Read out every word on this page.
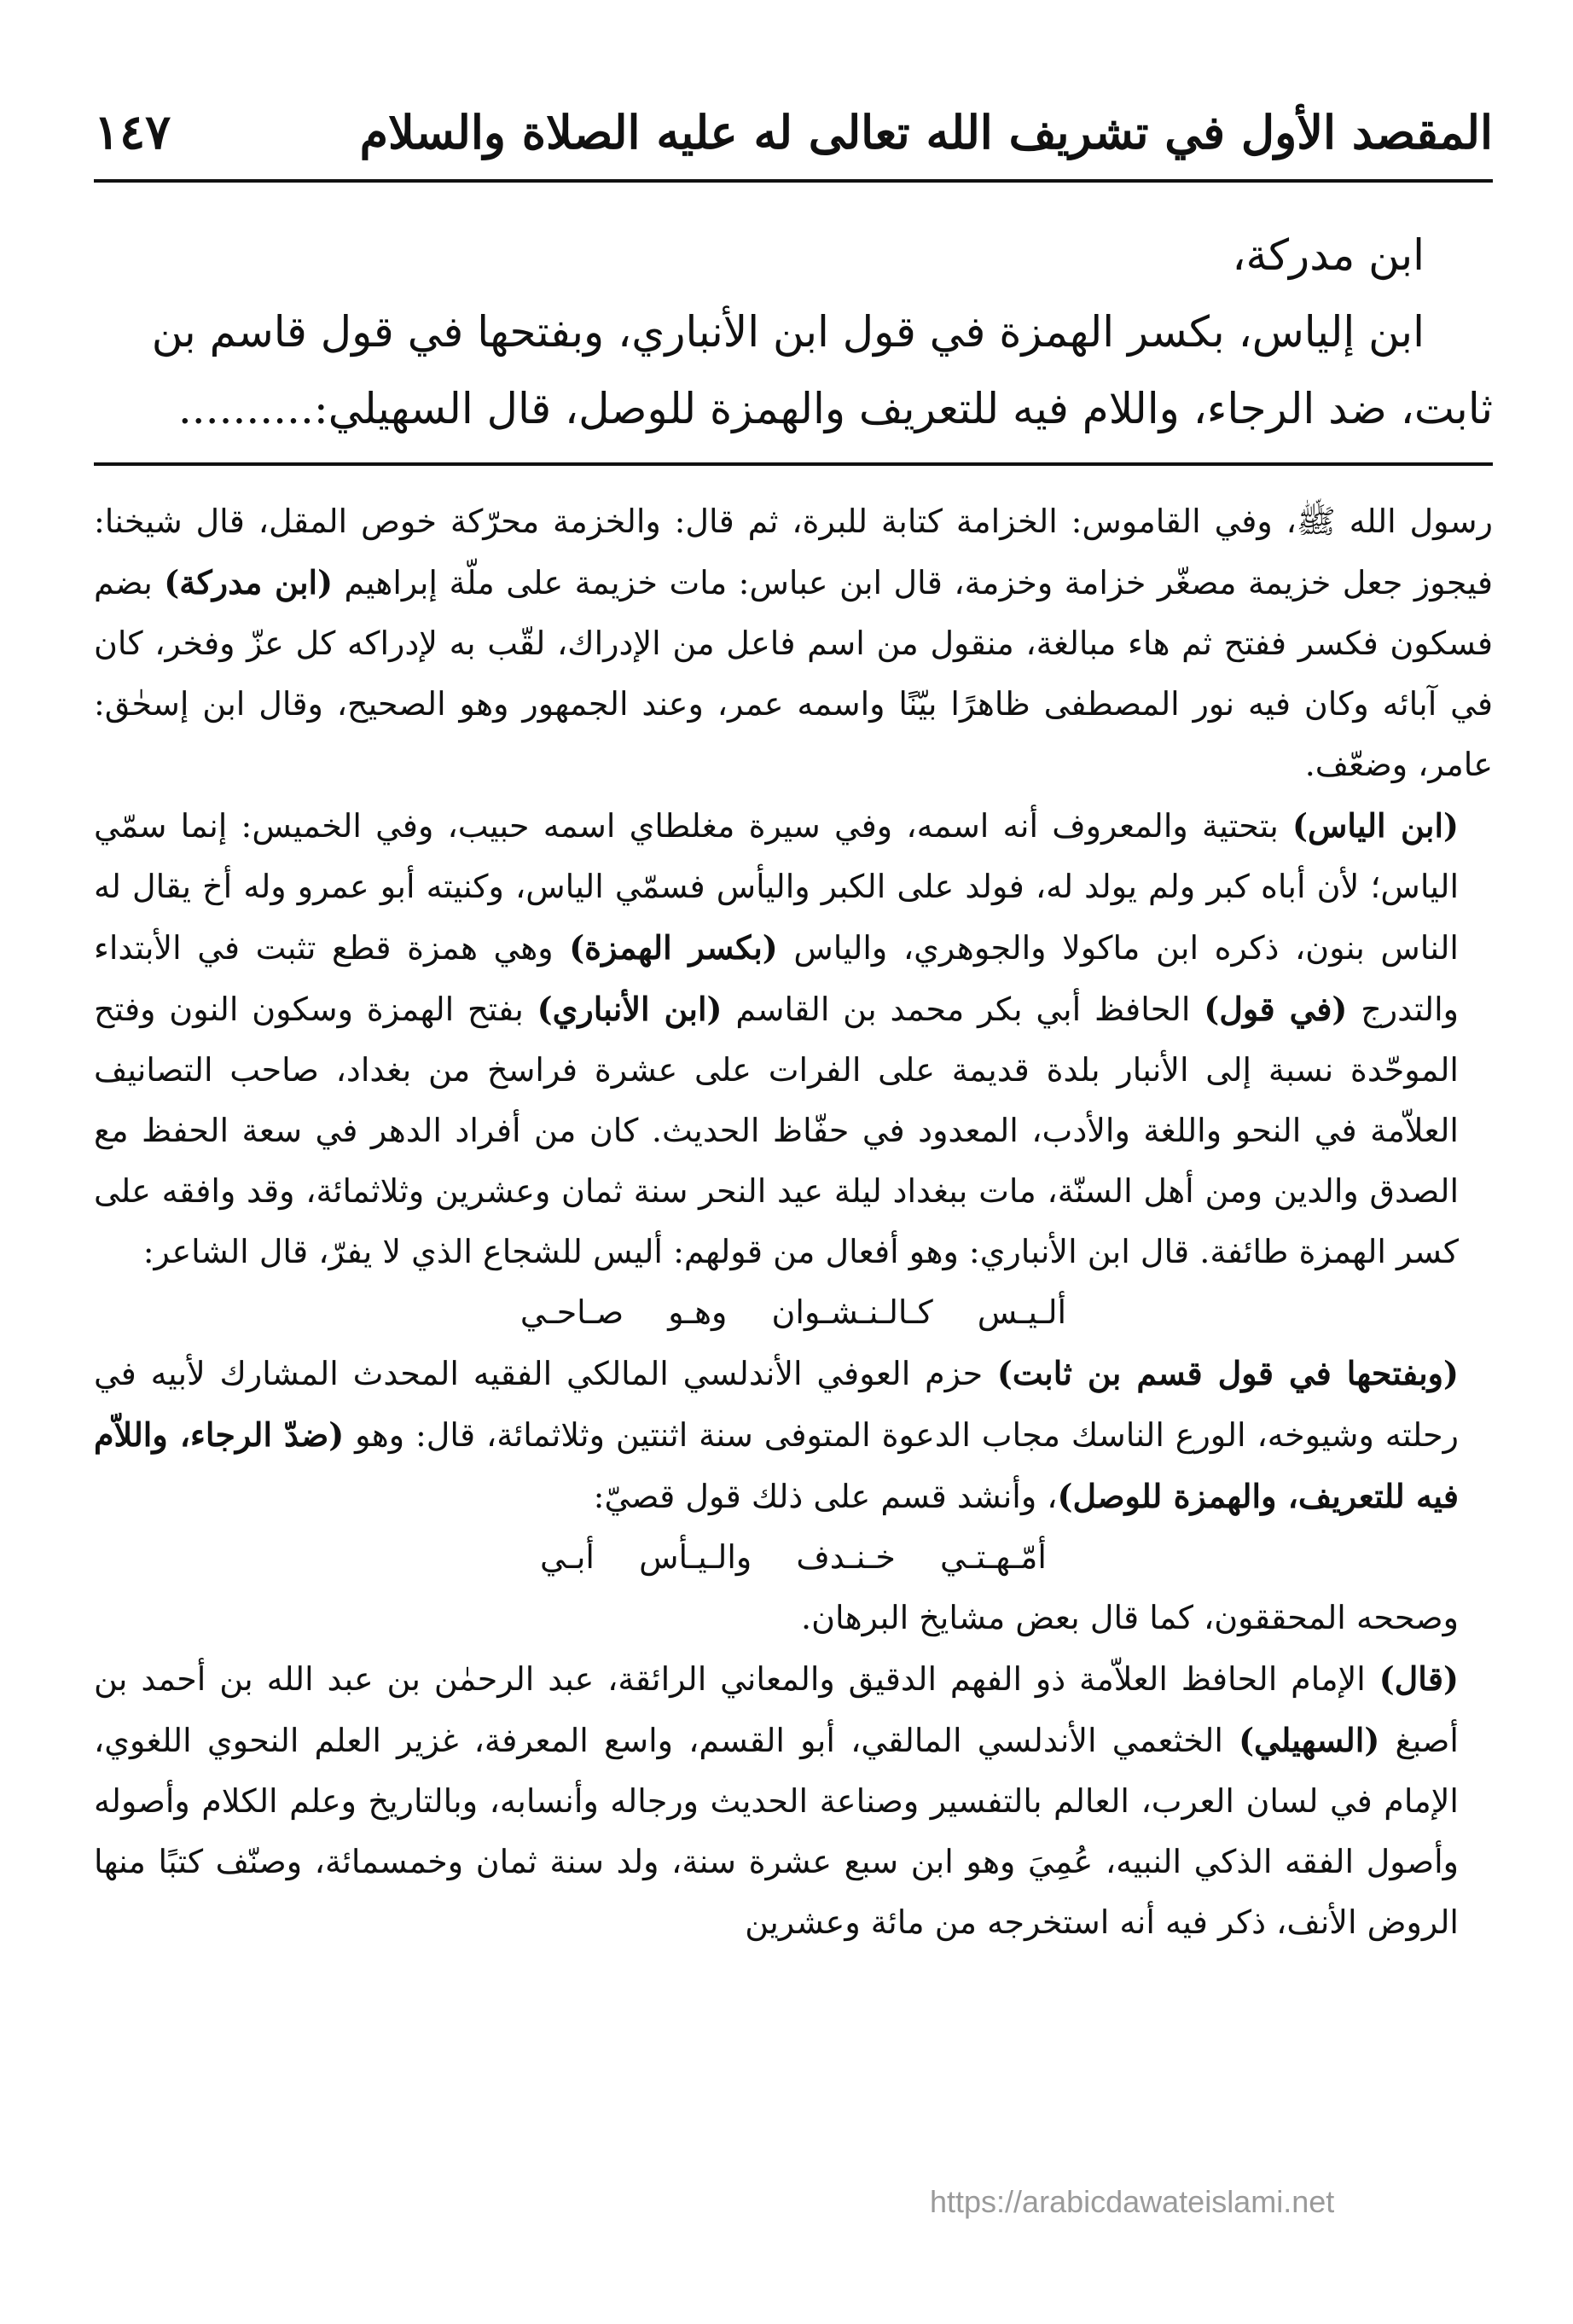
المقصد الأول في تشريف الله تعالى له عليه الصلاة والسلام
١٤٧

ابن مدركة،

ابن إلياس، بكسر الهمزة في قول ابن الأنباري، وبفتحها في قول قاسم بن

ثابت، ضد الرجاء، واللام فيه للتعريف والهمزة للوصل، قال السهيلي:..........

رسول الله ﷺ، وفي القاموس: الخزامة كتابة للبرة، ثم قال: والخزمة محرّكة خوص المقل، قال شيخنا: فيجوز جعل خزيمة مصغّر خزامة وخزمة، قال ابن عباس: مات خزيمة على ملّة إبراهيم (ابن مدركة) بضم فسكون فكسر ففتح ثم هاء مبالغة، منقول من اسم فاعل من الإدراك، لقّب به لإدراكه كل عزّ وفخر، كان في آبائه وكان فيه نور المصطفى ظاهرًا بيّنًا واسمه عمر، وعند الجمهور وهو الصحيح، وقال ابن إسحٰق: عامر، وضعّف.

(ابن الياس) بتحتية والمعروف أنه اسمه، وفي سيرة مغلطاي اسمه حبيب، وفي الخميس: إنما سمّي الياس؛ لأن أباه كبر ولم يولد له، فولد على الكبر واليأس فسمّي الياس، وكنيته أبو عمرو وله أخ يقال له الناس بنون، ذكره ابن ماكولا والجوهري، والياس (بكسر الهمزة) وهي همزة قطع تثبت في الأبتداء والتدرج (في قول) الحافظ أبي بكر محمد بن القاسم (ابن الأنباري) بفتح الهمزة وسكون النون وفتح الموحّدة نسبة إلى الأنبار بلدة قديمة على الفرات على عشرة فراسخ من بغداد، صاحب التصانيف العلاّمة في النحو واللغة والأدب، المعدود في حفّاظ الحديث. كان من أفراد الدهر في سعة الحفظ مع الصدق والدين ومن أهل السنّة، مات ببغداد ليلة عيد النحر سنة ثمان وعشرين وثلاثمائة، وقد وافقه على كسر الهمزة طائفة. قال ابن الأنباري: وهو أفعال من قولهم: أليس للشجاع الذي لا يفرّ، قال الشاعر:

ألـيـس كـالـنـشـوان وهـو صـاحـي

(وبفتحها في قول قسم بن ثابت) حزم العوفي الأندلسي المالكي الفقيه المحدث المشارك لأبيه في رحلته وشيوخه، الورع الناسك مجاب الدعوة المتوفى سنة اثنتين وثلاثمائة، قال: وهو (ضدّ الرجاء، واللاّم فيه للتعريف، والهمزة للوصل)، وأنشد قسم على ذلك قول قصيّ:

أمّـهـتـي خـنـدف والـيـأس أبـي

وصححه المحققون، كما قال بعض مشايخ البرهان.

(قال) الإمام الحافظ العلاّمة ذو الفهم الدقيق والمعاني الرائقة، عبد الرحمٰن بن عبد الله بن أحمد بن أصبغ (السهيلي) الخثعمي الأندلسي المالقي، أبو القسم، واسع المعرفة، غزير العلم النحوي اللغوي، الإمام في لسان العرب، العالم بالتفسير وصناعة الحديث ورجاله وأنسابه، وبالتاريخ وعلم الكلام وأصوله وأصول الفقه الذكي النبيه، عُمِيَ وهو ابن سبع عشرة سنة، ولد سنة ثمان وخمسمائة، وصنّف كتبًا منها الروض الأنف، ذكر فيه أنه استخرجه من مائة وعشرين

https://arabicdawateislami.net
